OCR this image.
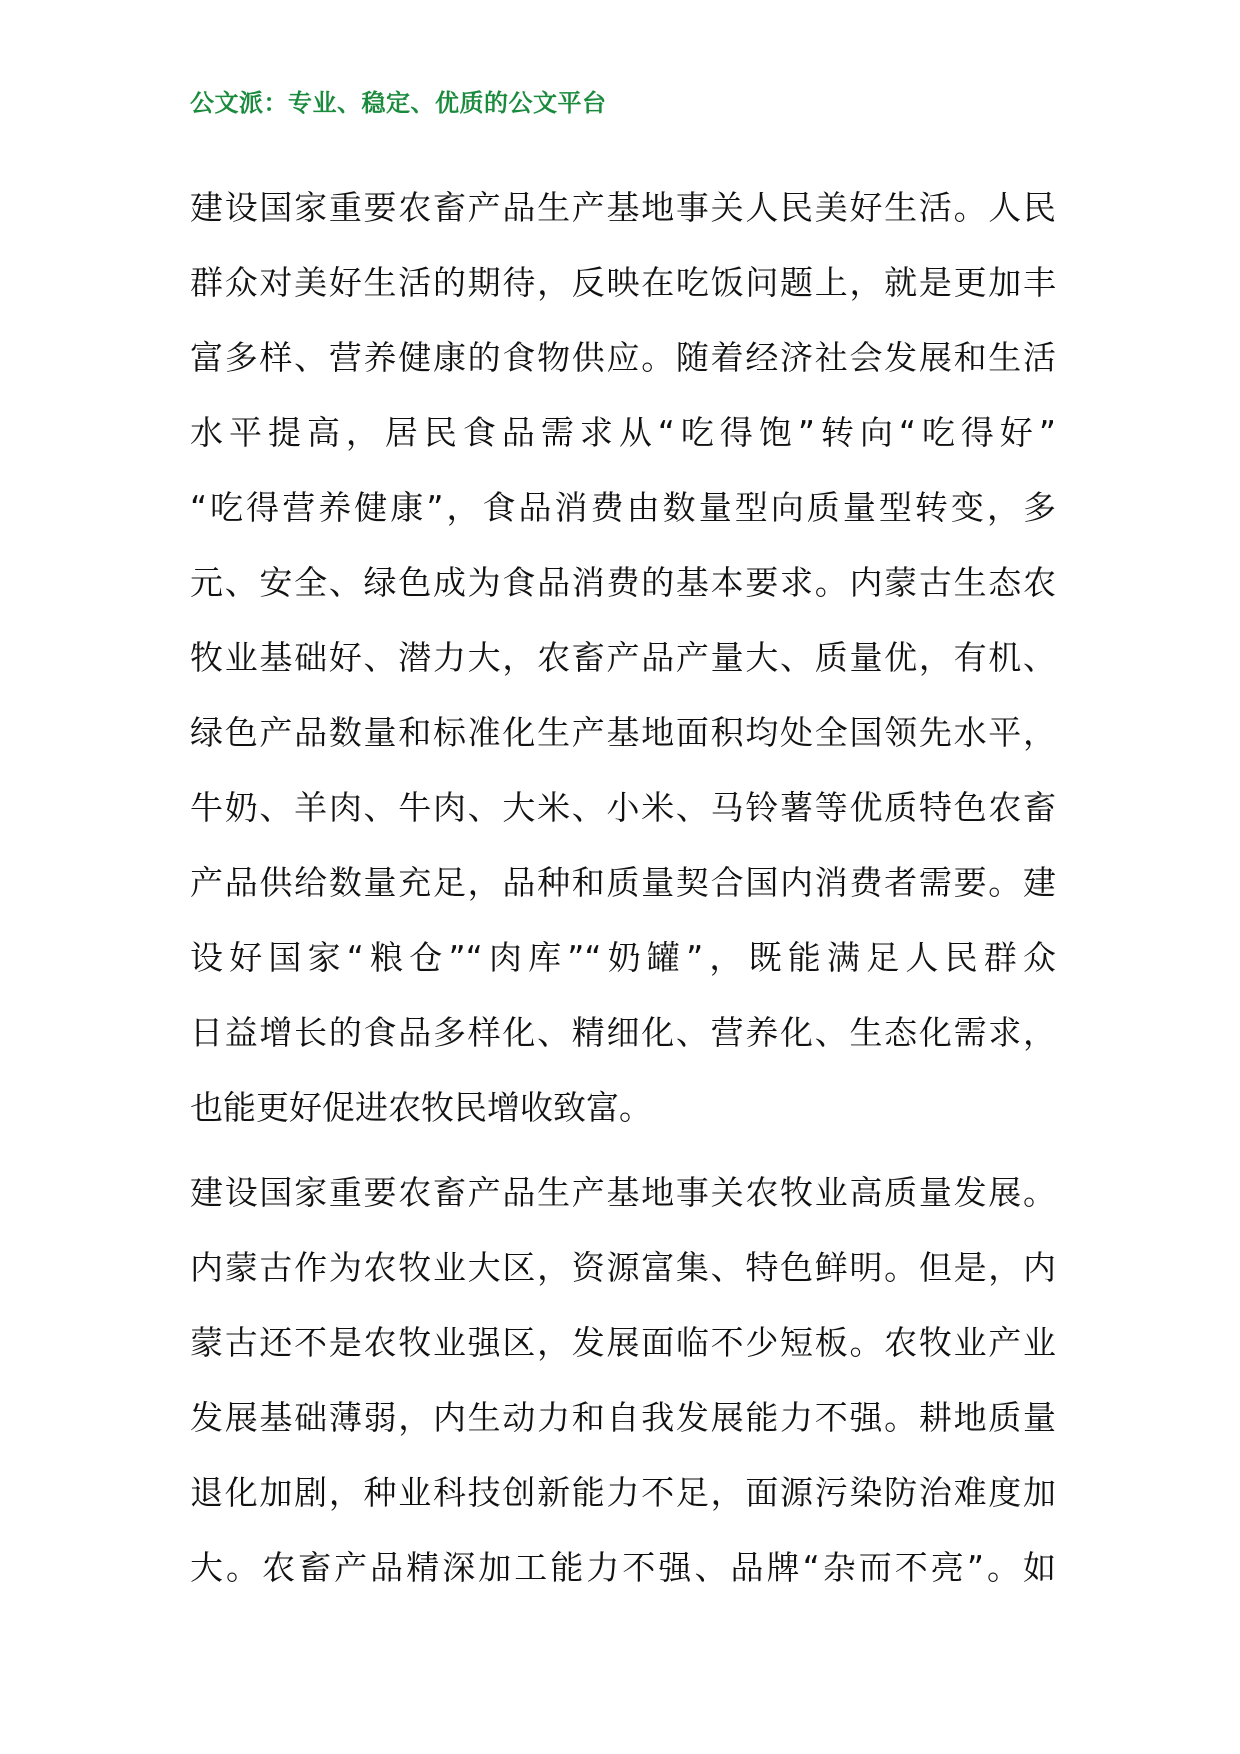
公文派：专业、稳定、优质的公文平台
建设国家重要农畜产品生产基地事关人民美好生活。人民
群众对美好生活的期待，反映在吃饭问题上，就是更加丰
富多样、营养健康的食物供应。随着经济社会发展和生活
水平提高，居民食品需求从“吃得饱”转向“吃得好”
“吃得营养健康”，食品消费由数量型向质量型转变，多
元、安全、绿色成为食品消费的基本要求。内蒙古生态农
牧业基础好、潜力大，农畜产品产量大、质量优，有机、
绿色产品数量和标准化生产基地面积均处全国领先水平，
牛奶、羊肉、牛肉、大米、小米、马铃薯等优质特色农畜
产品供给数量充足，品种和质量契合国内消费者需要。建
设好国家“粮仓”“肉库”“奶罐”，既能满足人民群众
日益增长的食品多样化、精细化、营养化、生态化需求，
也能更好促进农牧民增收致富。
建设国家重要农畜产品生产基地事关农牧业高质量发展。
内蒙古作为农牧业大区，资源富集、特色鲜明。但是，内
蒙古还不是农牧业强区，发展面临不少短板。农牧业产业
发展基础薄弱，内生动力和自我发展能力不强。耕地质量
退化加剧，种业科技创新能力不足，面源污染防治难度加
大。农畜产品精深加工能力不强、品牌“杂而不亮”。如
